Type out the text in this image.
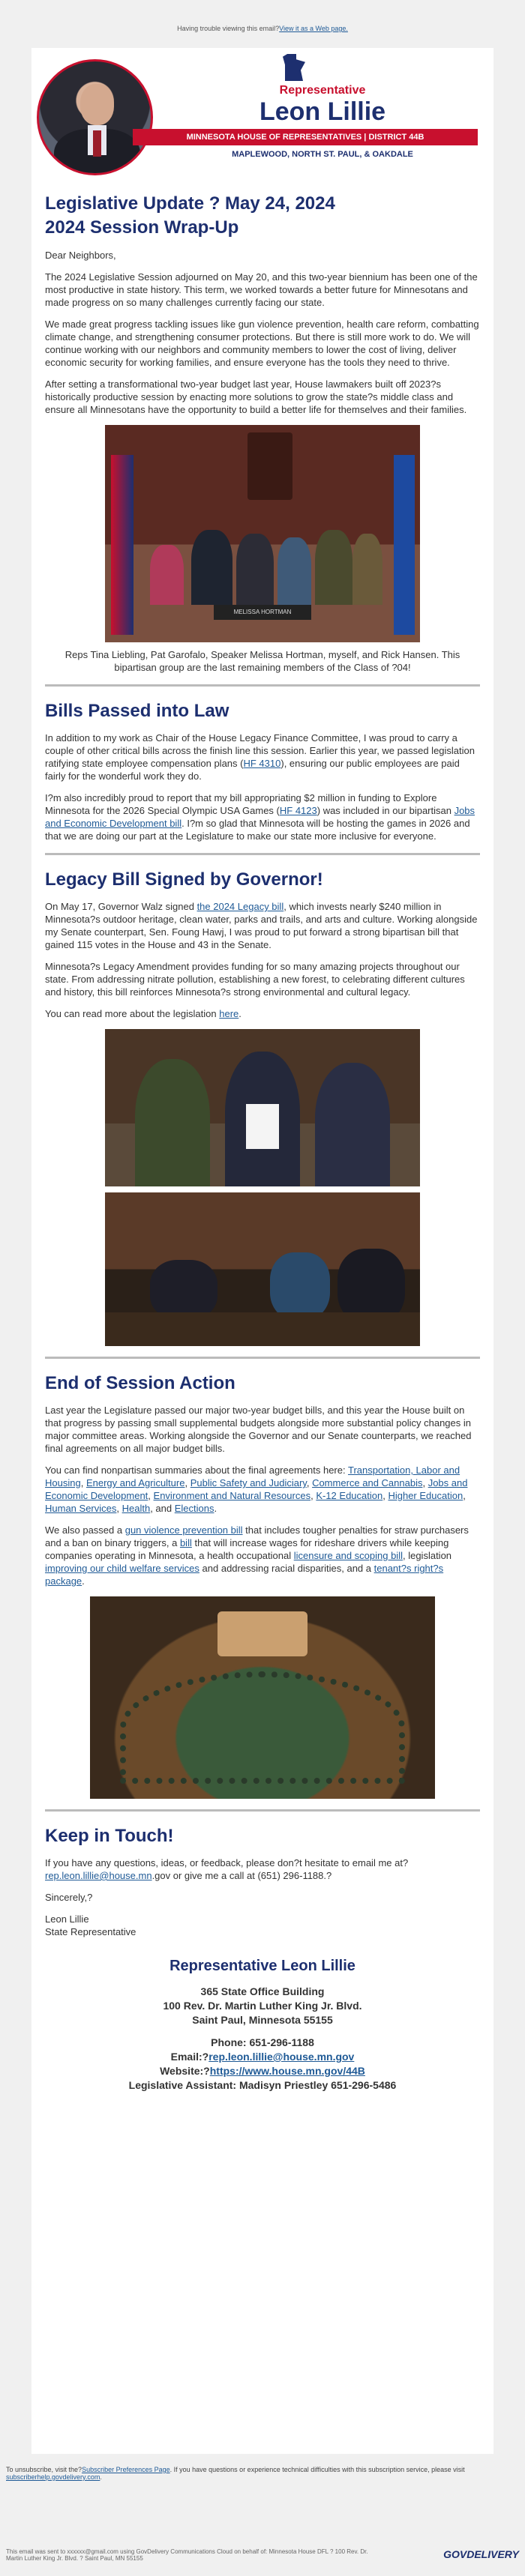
Having trouble viewing this email?View it as a Web page.
Representative
Leon Lillie
MINNESOTA HOUSE OF REPRESENTATIVES | DISTRICT 44B
MAPLEWOOD, NORTH ST. PAUL, & OAKDALE
Legislative Update ? May 24, 2024
2024 Session Wrap-Up

Dear Neighbors,

The 2024 Legislative Session adjourned on May 20, and this two-year biennium has been one of the most productive in state history. This term, we worked towards a better future for Minnesotans and made progress on so many challenges currently facing our state.

We made great progress tackling issues like gun violence prevention, health care reform, combatting climate change, and strengthening consumer protections. But there is still more work to do. We will continue working with our neighbors and community members to lower the cost of living, deliver economic security for working families, and ensure everyone has the tools they need to thrive.

After setting a transformational two-year budget last year, House lawmakers built off 2023?s historically productive session by enacting more solutions to grow the state?s middle class and ensure all Minnesotans have the opportunity to build a better life for themselves and their families.

MELISSA HORTMAN
Reps Tina Liebling, Pat Garofalo, Speaker Melissa Hortman, myself, and Rick Hansen. This bipartisan group are the last remaining members of the Class of ?04!
Bills Passed into Law

In addition to my work as Chair of the House Legacy Finance Committee, I was proud to carry a couple of other critical bills across the finish line this session. Earlier this year, we passed legislation ratifying state employee compensation plans (HF 4310), ensuring our public employees are paid fairly for the wonderful work they do.

I?m also incredibly proud to report that my bill appropriating $2 million in funding to Explore Minnesota for the 2026 Special Olympic USA Games (HF 4123) was included in our bipartisan Jobs and Economic Development bill. I?m so glad that Minnesota will be hosting the games in 2026 and that we are doing our part at the Legislature to make our state more inclusive for everyone.

Legacy Bill Signed by Governor!

On May 17, Governor Walz signed the 2024 Legacy bill, which invests nearly $240 million in Minnesota?s outdoor heritage, clean water, parks and trails, and arts and culture. Working alongside my Senate counterpart, Sen. Foung Hawj, I was proud to put forward a strong bipartisan bill that gained 115 votes in the House and 43 in the Senate.

Minnesota?s Legacy Amendment provides funding for so many amazing projects throughout our state. From addressing nitrate pollution, establishing a new forest, to celebrating different cultures and history, this bill reinforces Minnesota?s strong environmental and cultural legacy.

You can read more about the legislation here.

End of Session Action

Last year the Legislature passed our major two-year budget bills, and this year the House built on that progress by passing small supplemental budgets alongside more substantial policy changes in major committee areas. Working alongside the Governor and our Senate counterparts, we reached final agreements on all major budget bills.

You can find nonpartisan summaries about the final agreements here: Transportation, Labor and Housing, Energy and Agriculture, Public Safety and Judiciary, Commerce and Cannabis, Jobs and Economic Development, Environment and Natural Resources, K-12 Education, Higher Education, Human Services, Health, and Elections.

We also passed a gun violence prevention bill that includes tougher penalties for straw purchasers and a ban on binary triggers, a bill that will increase wages for rideshare drivers while keeping companies operating in Minnesota, a health occupational licensure and scoping bill, legislation improving our child welfare services and addressing racial disparities, and a tenant?s right?s package.

Keep in Touch!

If you have any questions, ideas, or feedback, please don?t hesitate to email me at? rep.leon.lillie@house.mn.gov or give me a call at (651) 296-1188.?

Sincerely,?

Leon Lillie

State Representative

Representative Leon Lillie
365 State Office Building
100 Rev. Dr. Martin Luther King Jr. Blvd.
Saint Paul, Minnesota 55155
Phone: 651-296-1188
Email:?rep.leon.lillie@house.mn.gov
Website:?https://www.house.mn.gov/44B
Legislative Assistant: Madisyn Priestley 651-296-5486
To unsubscribe, visit the?Subscriber Preferences Page. If you have questions or experience technical difficulties with this subscription service, please visit subscriberhelp.govdelivery.com.
This email was sent to xxxxxx@gmail.com using GovDelivery Communications Cloud on behalf of: Minnesota House DFL ? 100 Rev. Dr. Martin Luther King Jr. Blvd. ? Saint Paul, MN 55155	GOVDELIVERY
